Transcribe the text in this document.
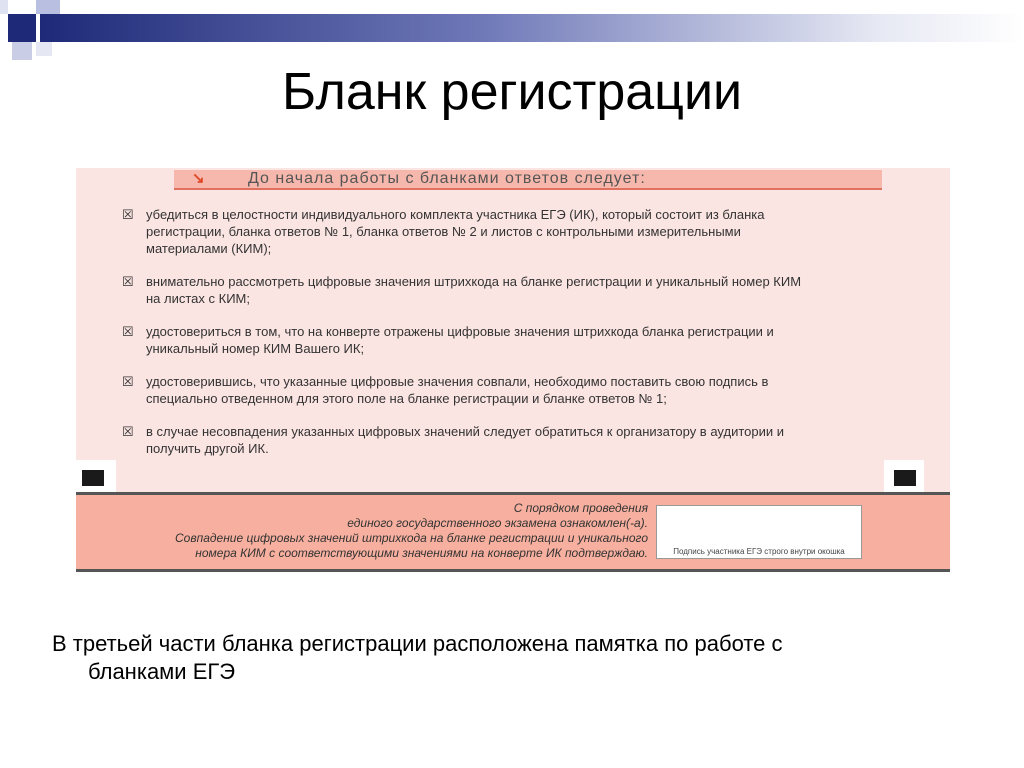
Бланк регистрации
↘	До начала работы с бланками ответов следует:
☒ убедиться в целостности индивидуального комплекта участника ЕГЭ (ИК), который состоит из бланка
регистрации, бланка ответов № 1, бланка ответов № 2 и листов с контрольными измерительными
материалами (КИМ);
☒ внимательно рассмотреть цифровые значения штрихкода на бланке регистрации и уникальный номер КИМ
на листах с КИМ;
☒ удостовериться в том, что на конверте отражены цифровые значения штрихкода бланка регистрации и
уникальный номер КИМ Вашего ИК;
☒ удостоверившись, что указанные цифровые значения совпали, необходимо поставить свою подпись в
специально отведенном для этого поле на бланке регистрации и бланке ответов № 1;
☒ в случае несовпадения указанных цифровых значений следует обратиться к организатору в аудитории и
получить другой ИК.
С порядком проведения
единого государственного экзамена ознакомлен(-а).
Совпадение цифровых значений штрихкода на бланке регистрации и уникального
номера КИМ с соответствующими значениями на конверте ИК подтверждаю.	Подпись участника ЕГЭ строго внутри окошка
В третьей части бланка регистрации расположена памятка по работе с
бланками ЕГЭ
